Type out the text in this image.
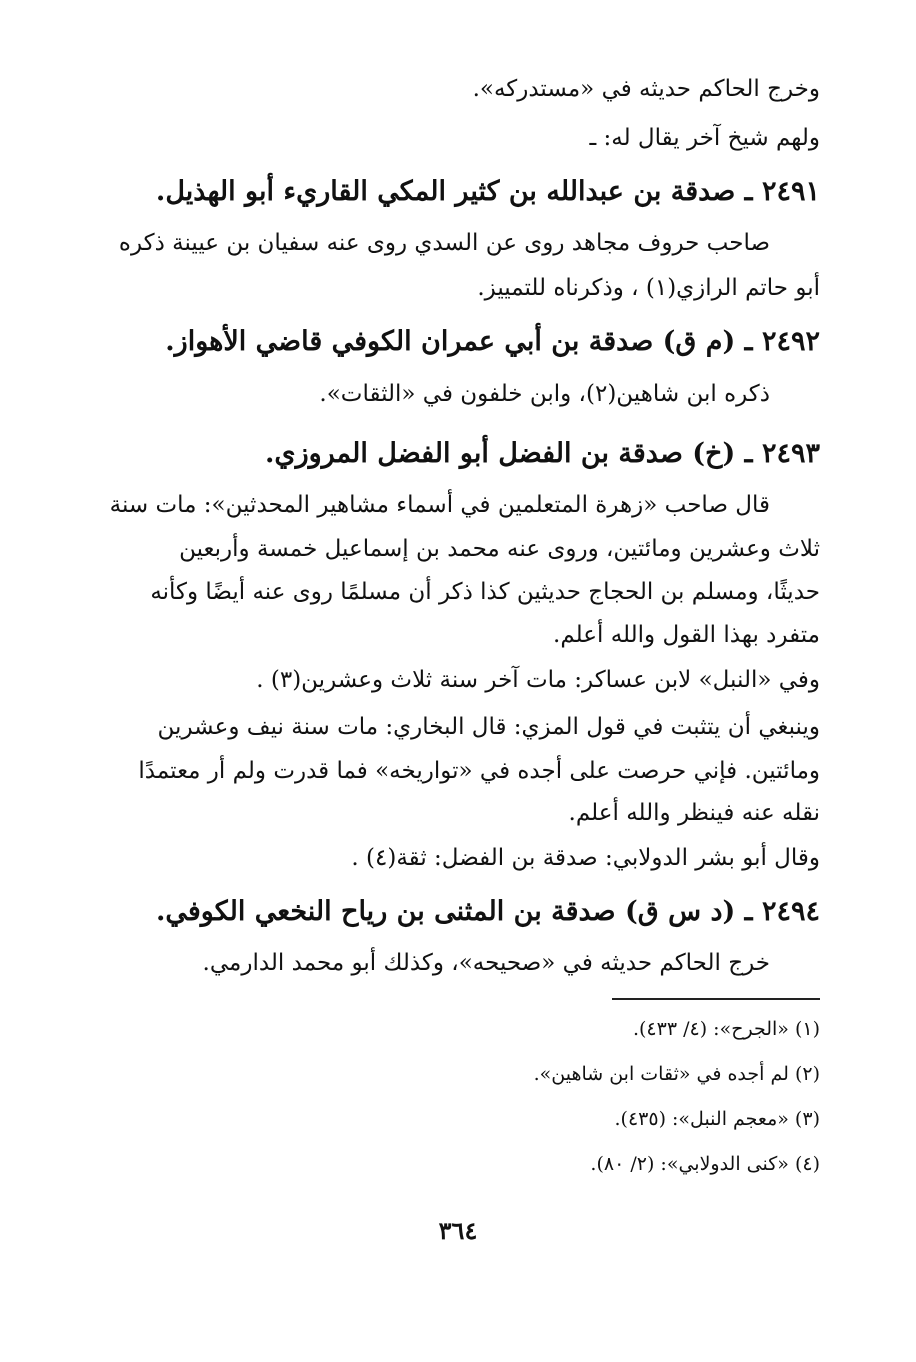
وخرج الحاكم حديثه في «مستدركه».
ولهم شيخ آخر يقال له: ـ
٢٤٩١ ـ صدقة بن عبدالله بن كثير المكي القاريء أبو الهذيل.
صاحب حروف مجاهد روى عن السدي روى عنه سفيان بن عيينة ذكره
أبو حاتم الرازي(١) ، وذكرناه للتمييز.
٢٤٩٢ ـ (م ق) صدقة بن أبي عمران الكوفي قاضي الأهواز.
ذكره ابن شاهين(٢)، وابن خلفون في «الثقات».
٢٤٩٣ ـ (خ) صدقة بن الفضل أبو الفضل المروزي.
قال صاحب «زهرة المتعلمين في أسماء مشاهير المحدثين»: مات سنة
ثلاث وعشرين ومائتين، وروى عنه محمد بن إسماعيل خمسة وأربعين
حديثًا، ومسلم بن الحجاج حديثين كذا ذكر أن مسلمًا روى عنه أيضًا وكأنه
متفرد بهذا القول والله أعلم.
وفي «النبل» لابن عساكر: مات آخر سنة ثلاث وعشرين(٣) .
وينبغي أن يتثبت في قول المزي: قال البخاري: مات سنة نيف وعشرين
ومائتين. فإني حرصت على أجده في «تواريخه» فما قدرت ولم أر معتمدًا
نقله عنه فينظر والله أعلم.
وقال أبو بشر الدولابي: صدقة بن الفضل: ثقة(٤) .
٢٤٩٤ ـ (د س ق) صدقة بن المثنى بن رياح النخعي الكوفي.
خرج الحاكم حديثه في «صحيحه»، وكذلك أبو محمد الدارمي.
(١) «الجرح»: (٤/ ٤٣٣).
(٢) لم أجده في «ثقات ابن شاهين».
(٣) «معجم النبل»: (٤٣٥).
(٤) «كنى الدولابي»: (٢/ ٨٠).
٣٦٤
